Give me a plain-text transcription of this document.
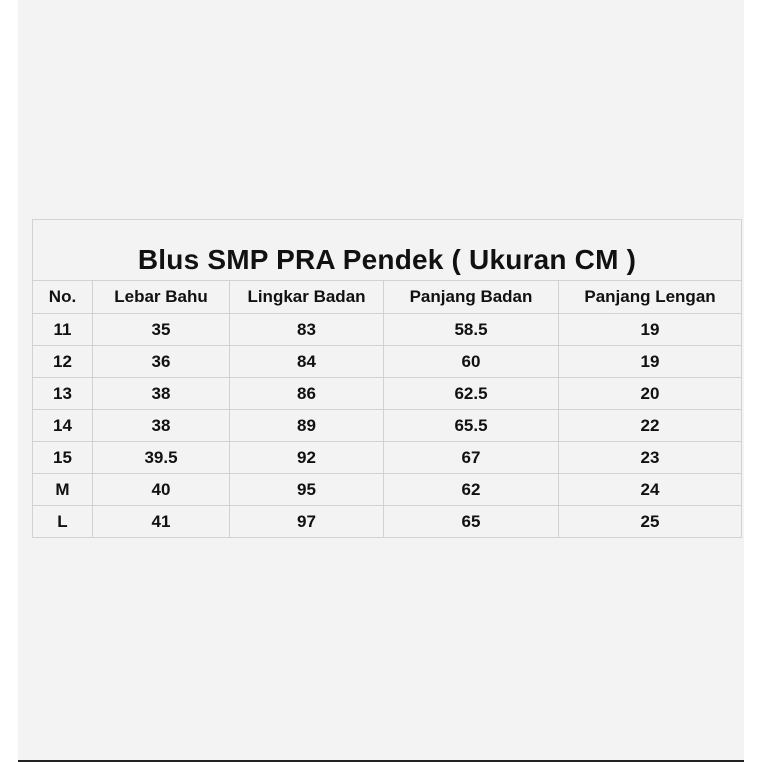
Blus SMP PRA Pendek ( Ukuran CM )				
No.	Lebar Bahu	Lingkar Badan	Panjang Badan	Panjang Lengan
11	35	83	58.5	19
12	36	84	60	19
13	38	86	62.5	20
14	38	89	65.5	22
15	39.5	92	67	23
M	40	95	62	24
L	41	97	65	25
